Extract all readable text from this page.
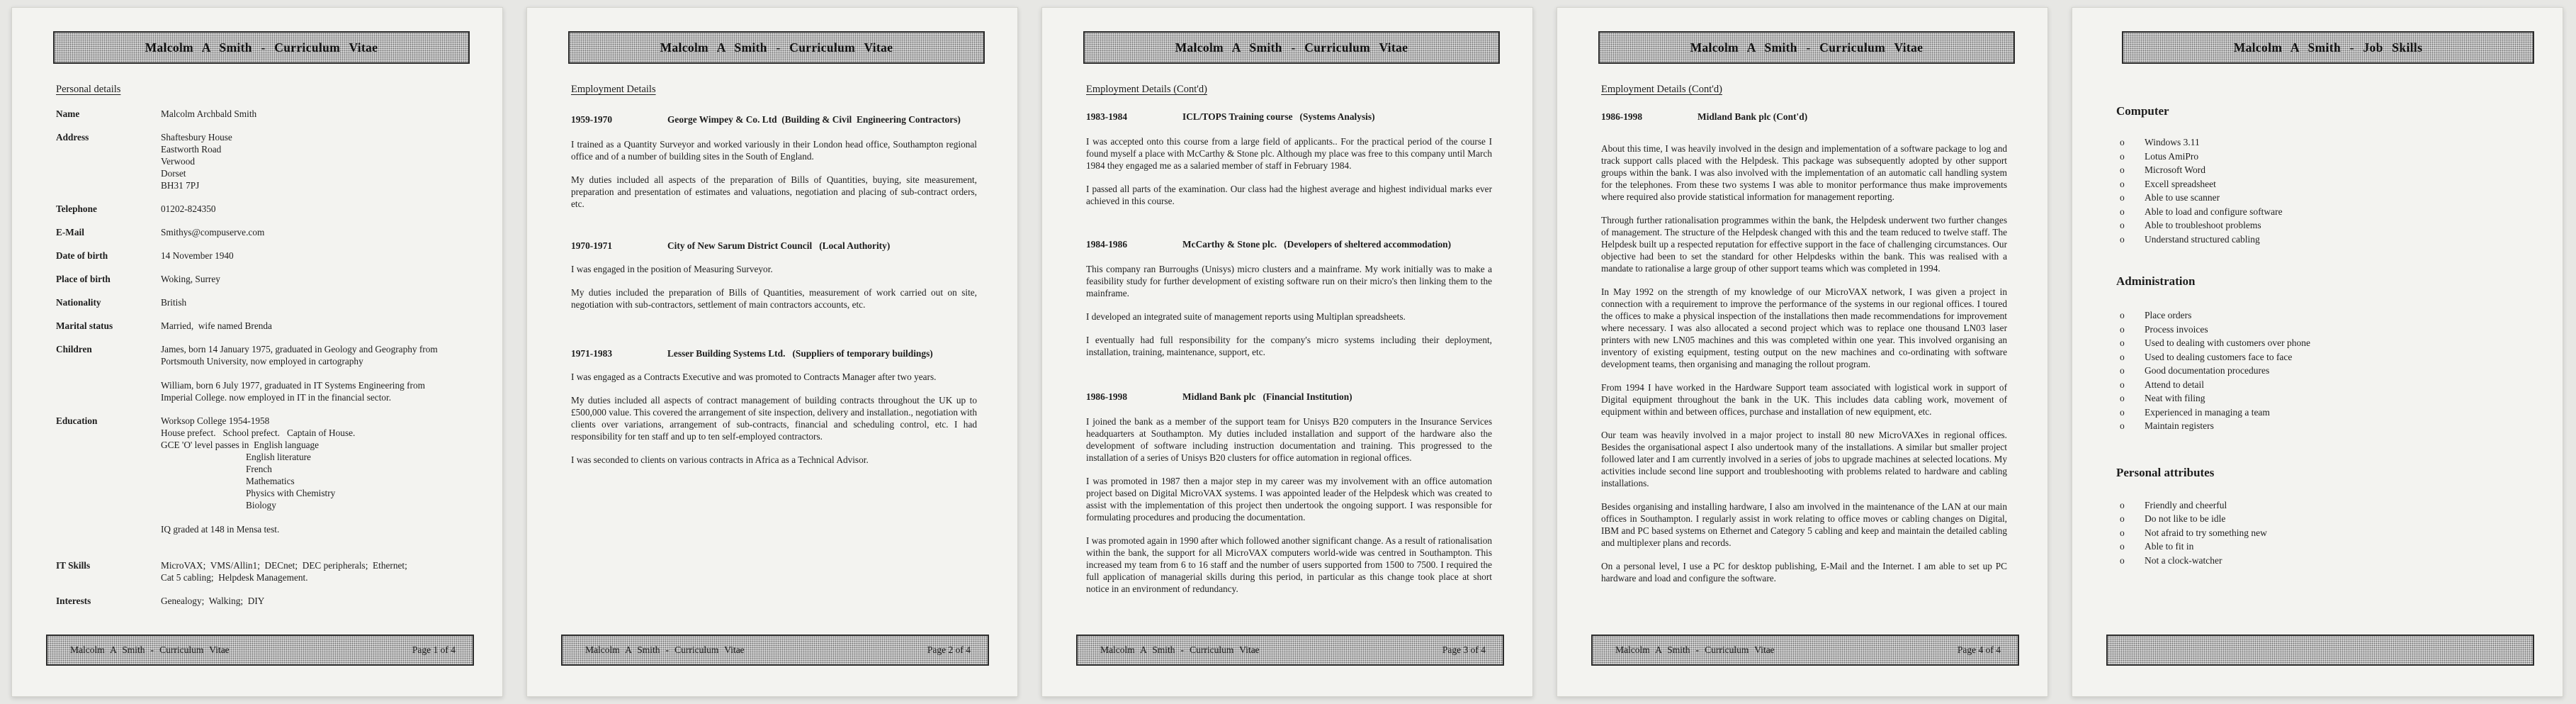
Malcolm A Smith - Curriculum Vitae
Personal details
Name	Malcolm Archbald Smith
Address	Shaftesbury House
Eastworth Road
Verwood
Dorset
BH31 7PJ
Telephone	01202-824350
E-Mail	Smithys@compuserve.com
Date of birth	14 November 1940
Place of birth	Woking, Surrey
Nationality	British
Marital status	Married,  wife named Brenda
Children	James, born 14 January 1975, graduated in Geology and Geography from
Portsmouth University, now employed in cartography
William, born 6 July 1977, graduated in IT Systems Engineering from
Imperial College. now employed in IT in the financial sector.
Education	Worksop College 1954-1958
House prefect.   School prefect.   Captain of House.
GCE 'O' level passes in  English language
English literature
French
Mathematics
Physics with Chemistry
Biology
IQ graded at 148 in Mensa test.
IT Skills	MicroVAX;  VMS/Allin1;  DECnet;  DEC peripherals;  Ethernet;
Cat 5 cabling;  Helpdesk Management.
Interests	Genealogy;  Walking;  DIY
Malcolm A Smith - Curriculum Vitae	Page 1 of 4
Malcolm A Smith - Curriculum Vitae
Employment Details
1959-1970	George Wimpey & Co. Ltd  (Building & Civil  Engineering Contractors)
I trained as a Quantity Surveyor and worked variously in their London head office, Southampton regional office and of a number of building sites in the South of England.
My duties included all aspects of the preparation of Bills of Quantities, buying, site measurement, preparation and presentation of estimates and valuations, negotiation and placing of sub-contract orders, etc.
1970-1971	City of New Sarum District Council   (Local Authority)
I was engaged in the position of Measuring Surveyor.
My duties included the preparation of Bills of Quantities, measurement of work carried out on site, negotiation with sub-contractors, settlement of main contractors accounts, etc.
1971-1983	Lesser Building Systems Ltd.   (Suppliers of temporary buildings)
I was engaged as a Contracts Executive and was promoted to Contracts Manager after two years.
My duties included all aspects of contract management of building contracts throughout the UK up to £500,000 value. This covered the arrangement of site inspection, delivery and installation., negotiation with clients over variations, arrangement of sub-contracts, financial and scheduling control, etc. I had responsibility for ten staff and up to ten self-employed contractors.
I was seconded to clients on various contracts in Africa as a Technical Advisor.
Malcolm A Smith - Curriculum Vitae	Page 2 of 4
Malcolm A Smith - Curriculum Vitae
Employment Details (Cont'd)
1983-1984	ICL/TOPS Training course   (Systems Analysis)
I was accepted onto this course from a large field of applicants.. For the practical period of the course I found myself a place with McCarthy & Stone plc. Although my place was free to this company until March 1984 they engaged me as a salaried member of staff in February 1984.
I passed all parts of the examination. Our class had the highest average and highest individual marks ever achieved in this course.
1984-1986	McCarthy & Stone plc.   (Developers of sheltered accommodation)
This company ran Burroughs (Unisys) micro clusters and a mainframe. My work initially was to make a feasibility study for further development of existing software run on their micro's then linking them to the mainframe.
I developed an integrated suite of management reports using Multiplan spreadsheets.
I eventually had full responsibility for the company's micro systems including their deployment, installation, training, maintenance, support, etc.
1986-1998	Midland Bank plc   (Financial Institution)
I joined the bank as a member of the support team for Unisys B20 computers in the Insurance Services headquarters at Southampton. My duties included installation and support of the hardware also the development of software including instruction documentation and training. This progressed to the installation of a series of Unisys B20 clusters for office automation in regional offices.
I was promoted in 1987 then a major step in my career was my involvement with an office automation project based on Digital MicroVAX systems. I was appointed leader of the Helpdesk which was created to assist with the implementation of this project then undertook the ongoing support. I was responsible for formulating procedures and producing the documentation.
I was promoted again in 1990 after which followed another significant change. As a result of rationalisation within the bank, the support for all MicroVAX computers world-wide was centred in Southampton. This increased my team from 6 to 16 staff and the number of users supported from 1500 to 7500. I required the full application of managerial skills during this period, in particular as this change took place at short notice in an environment of redundancy.
Malcolm A Smith - Curriculum Vitae	Page 3 of 4
Malcolm A Smith - Curriculum Vitae
Employment Details (Cont'd)
1986-1998	Midland Bank plc (Cont'd)
About this time, I was heavily involved in the design and implementation of a software package to log and track support calls placed with the Helpdesk. This package was subsequently adopted by other support groups within the bank. I was also involved with the implementation of an automatic call handling system for the telephones. From these two systems I was able to monitor performance thus make improvements where required also provide statistical information for management reporting.
Through further rationalisation programmes within the bank, the Helpdesk underwent two further changes of management. The structure of the Helpdesk changed with this and the team reduced to twelve staff. The Helpdesk built up a respected reputation for effective support in the face of challenging circumstances. Our objective had been to set the standard for other Helpdesks within the bank. This was realised with a mandate to rationalise a large group of other support teams which was completed in 1994.
In May 1992 on the strength of my knowledge of our MicroVAX network, I was given a project in connection with a requirement to improve the performance of the systems in our regional offices. I toured the offices to make a physical inspection of the installations then made recommendations for improvement where necessary. I was also allocated a second project which was to replace one thousand LN03 laser printers with new LN05 machines and this was completed within one year. This involved organising an inventory of existing equipment, testing output on the new machines and co-ordinating with software development teams, then organising and managing the rollout program.
From 1994 I have worked in the Hardware Support team associated with logistical work in support of Digital equipment throughout the bank in the UK. This includes data cabling work, movement of equipment within and between offices, purchase and installation of new equipment, etc.
Our team was heavily involved in a major project to install 80 new MicroVAXes in regional offices. Besides the organisational aspect I also undertook many of the installations. A similar but smaller project followed later and I am currently involved in a series of jobs to upgrade machines at selected locations. My activities include second line support and troubleshooting with problems related to hardware and cabling installations.
Besides organising and installing hardware, I also am involved in the maintenance of the LAN at our main offices in Southampton. I regularly assist in work relating to office moves or cabling changes on Digital, IBM and PC based systems on Ethernet and Category 5 cabling and keep and maintain the detailed cabling and multiplexer plans and records.
On a personal level, I use a PC for desktop publishing, E-Mail and the Internet. I am able to set up PC hardware and load and configure the software.
Malcolm A Smith - Curriculum Vitae	Page 4 of 4
Malcolm A Smith - Job Skills
Computer
o Windows 3.11
o Lotus AmiPro
o Microsoft Word
o Excell spreadsheet
o Able to use scanner
o Able to load and configure software
o Able to troubleshoot problems
o Understand structured cabling
Administration
o Place orders
o Process invoices
o Used to dealing with customers over phone
o Used to dealing customers face to face
o Good documentation procedures
o Attend to detail
o Neat with filing
o Experienced in managing a team
o Maintain registers
Personal attributes
o Friendly and cheerful
o Do not like to be idle
o Not afraid to try something new
o Able to fit in
o Not a clock-watcher
